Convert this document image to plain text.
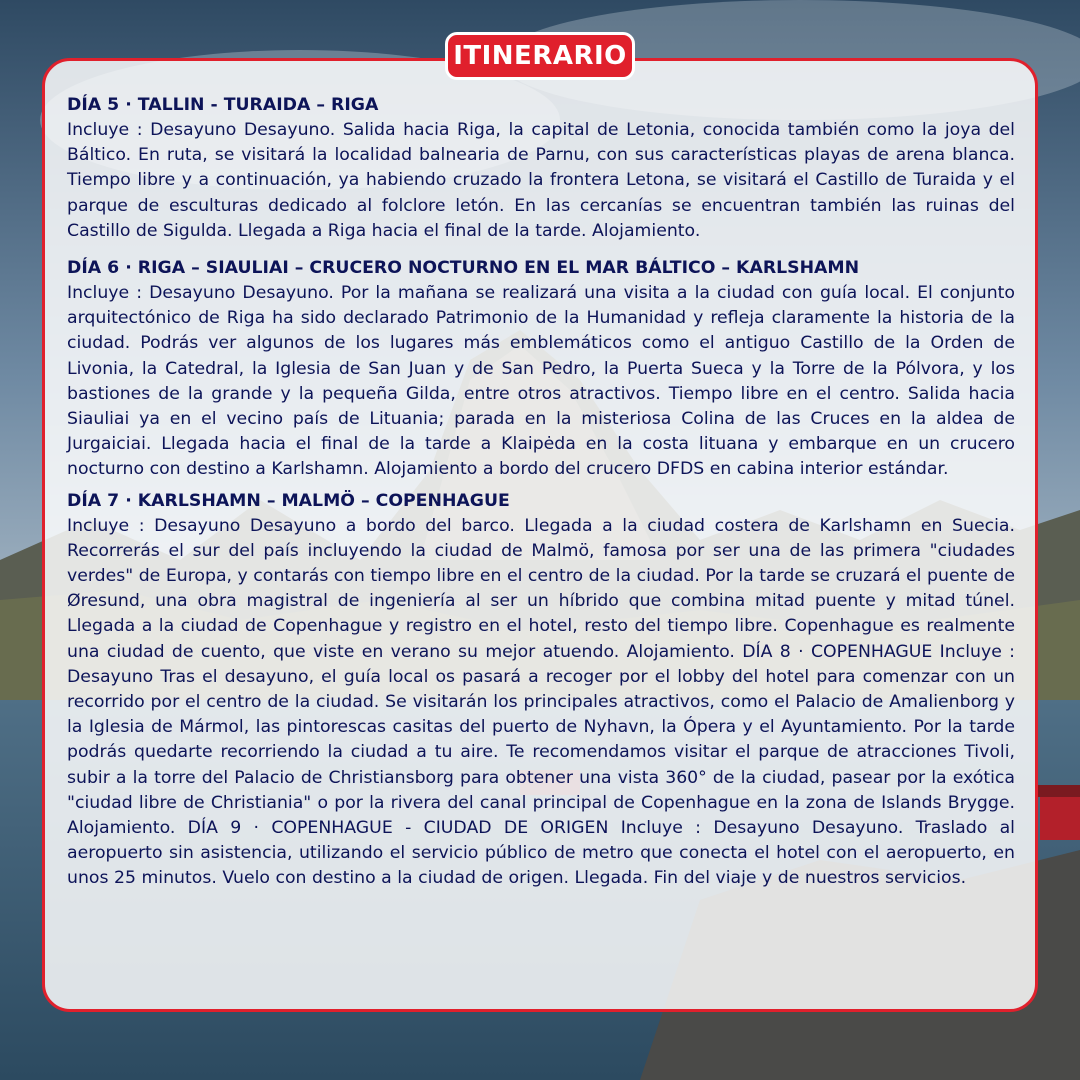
ITINERARIO

DÍA 5 · TALLIN - TURAIDA – RIGA

Incluye : Desayuno Desayuno. Salida hacia Riga, la capital de Letonia, conocida también como la joya del Báltico. En ruta, se visitará la localidad balnearia de Parnu, con sus características playas de arena blanca. Tiempo libre y a continuación, ya habiendo cruzado la frontera Letona, se visitará el Castillo de Turaida y el parque de esculturas dedicado al folclore letón. En las cercanías se encuentran también las ruinas del Castillo de Sigulda. Llegada a Riga hacia el final de la tarde. Alojamiento.

DÍA 6 · RIGA – SIAULIAI – CRUCERO NOCTURNO EN EL MAR BÁLTICO – KARLSHAMN

Incluye : Desayuno Desayuno. Por la mañana se realizará una visita a la ciudad con guía local. El conjunto arquitectónico de Riga ha sido declarado Patrimonio de la Humanidad y refleja claramente la historia de la ciudad. Podrás ver algunos de los lugares más emblemáticos como el antiguo Castillo de la Orden de Livonia, la Catedral, la Iglesia de San Juan y de San Pedro, la Puerta Sueca y la Torre de la Pólvora, y los bastiones de la grande y la pequeña Gilda, entre otros atractivos. Tiempo libre en el centro. Salida hacia Siauliai ya en el vecino país de Lituania; parada en la misteriosa Colina de las Cruces en la aldea de Jurgaiciai. Llegada hacia el final de la tarde a Klaipėda en la costa lituana y embarque en un crucero nocturno con destino a Karlshamn. Alojamiento a bordo del crucero DFDS en cabina interior estándar.

DÍA 7 · KARLSHAMN – MALMÖ – COPENHAGUE

Incluye : Desayuno Desayuno a bordo del barco. Llegada a la ciudad costera de Karlshamn en Suecia. Recorrerás el sur del país incluyendo la ciudad de Malmö, famosa por ser una de las primera "ciudades verdes" de Europa, y contarás con tiempo libre en el centro de la ciudad. Por la tarde se cruzará el puente de Øresund, una obra magistral de ingeniería al ser un híbrido que combina mitad puente y mitad túnel. Llegada a la ciudad de Copenhague y registro en el hotel, resto del tiempo libre. Copenhague es realmente una ciudad de cuento, que viste en verano su mejor atuendo. Alojamiento. DÍA 8 · COPENHAGUE Incluye : Desayuno Tras el desayuno, el guía local os pasará a recoger por el lobby del hotel para comenzar con un recorrido por el centro de la ciudad. Se visitarán los principales atractivos, como el Palacio de Amalienborg y la Iglesia de Mármol, las pintorescas casitas del puerto de Nyhavn, la Ópera y el Ayuntamiento. Por la tarde podrás quedarte recorriendo la ciudad a tu aire. Te recomendamos visitar el parque de atracciones Tivoli, subir a la torre del Palacio de Christiansborg para obtener una vista 360° de la ciudad, pasear por la exótica "ciudad libre de Christiania" o por la rivera del canal principal de Copenhague en la zona de Islands Brygge. Alojamiento. DÍA 9 · COPENHAGUE - CIUDAD DE ORIGEN Incluye : Desayuno Desayuno. Traslado al aeropuerto sin asistencia, utilizando el servicio público de metro que conecta el hotel con el aeropuerto, en unos 25 minutos. Vuelo con destino a la ciudad de origen. Llegada. Fin del viaje y de nuestros servicios.
